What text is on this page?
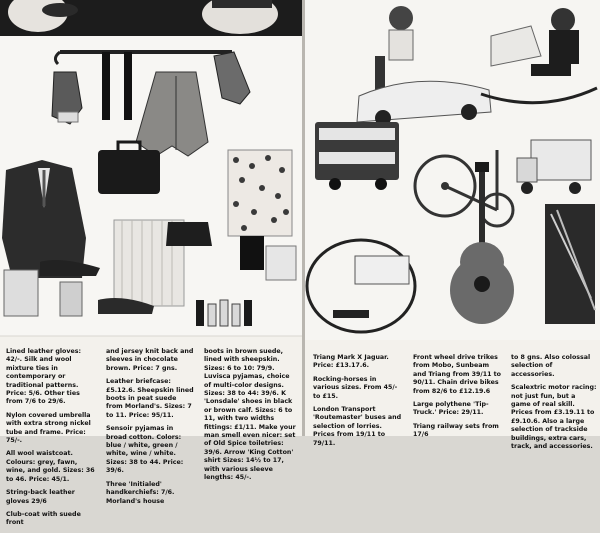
Lined leather gloves: 42/-. Silk and wool mixture ties in contemporary or traditional patterns. Price: 5/6. Other ties from 7/6 to 29/6.

Nylon covered umbrella with extra strong nickel tube and frame. Price: 75/-.

All wool waistcoat. Colours: grey, fawn, wine, and gold. Sizes: 36 to 46. Price: 45/1.

String-back leather gloves 29/6

Club-coat with suede front

and jersey knit back and sleeves in chocolate brown. Price: 7 gns.

Leather briefcase: £5.12.6. Sheepskin lined boots in peat suede from Morland's. Sizes: 7 to 11. Price: 95/11.

Sensoir pyjamas in broad cotton. Colors: blue / white, green / white, wine / white. Sizes: 38 to 44. Price: 39/6.

Three 'Initialed' handkerchiefs: 7/6. Morland's house

boots in brown suede, lined with sheepskin. Sizes: 6 to 10: 79/9. Luvisca pyjamas, choice of multi-color designs. Sizes: 38 to 44: 39/6. K 'Lonsdale' shoes in black or brown calf. Sizes: 6 to 11, with two widths fittings: £1/11. Make your man smell even nicer: set of Old Spice toiletries: 39/6. Arrow 'King Cotton' shirt Sizes: 14½ to 17, with various sleeve lengths: 45/-.

Triang Mark X Jaguar. Price: £13.17.6.

Rocking-horses in various sizes. From 45/- to £15.

London Transport 'Routemaster' buses and selection of lorries. Prices from 19/11 to 79/11.

Front wheel drive trikes from Mobo, Sunbeam and Triang from 39/11 to 90/11. Chain drive bikes from 82/6 to £12.19.6

Large polythene 'Tip-Truck.' Price: 29/11.

Triang railway sets from 17/6

to 8 gns. Also colossal selection of accessories.

Scalextric motor racing: not just fun, but a game of real skill. Prices from £3.19.11 to £9.10.6. Also a large selection of trackside buildings, extra cars, track, and accessories.
